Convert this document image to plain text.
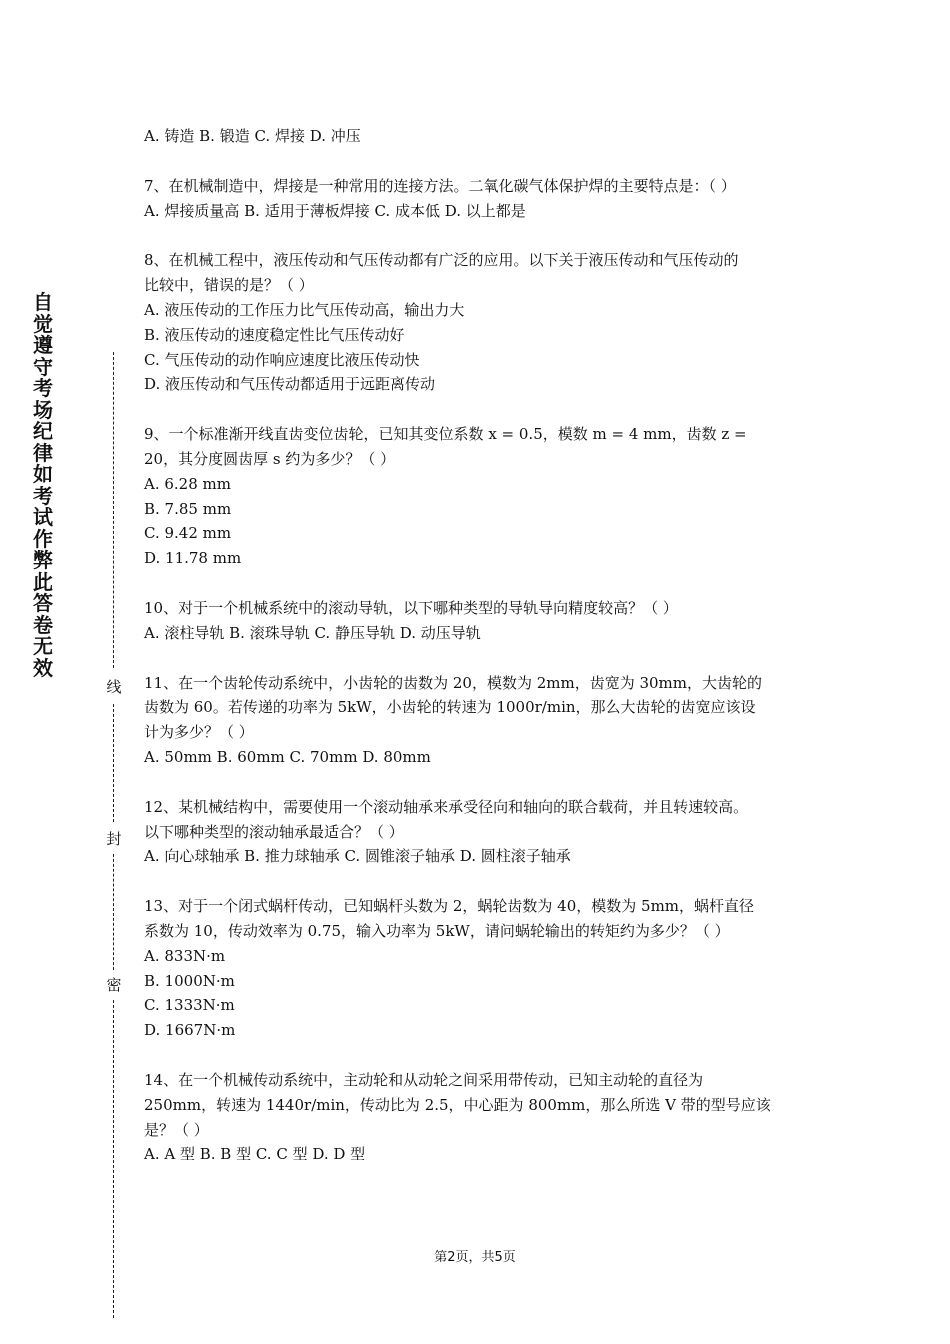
自觉遵守考场纪律如考试作弊此答卷无效
线
封
密
A. 铸造 B. 锻造 C. 焊接 D. 冲压
7、在机械制造中，焊接是一种常用的连接方法。二氧化碳气体保护焊的主要特点是：（ ）
A. 焊接质量高 B. 适用于薄板焊接 C. 成本低 D. 以上都是
8、在机械工程中，液压传动和气压传动都有广泛的应用。以下关于液压传动和气压传动的
比较中，错误的是？（ ）
A. 液压传动的工作压力比气压传动高，输出力大
B. 液压传动的速度稳定性比气压传动好
C. 气压传动的动作响应速度比液压传动快
D. 液压传动和气压传动都适用于远距离传动
9、一个标准渐开线直齿变位齿轮，已知其变位系数 x = 0.5，模数 m = 4 mm，齿数 z =
20，其分度圆齿厚 s 约为多少？（ ）
A. 6.28 mm
B. 7.85 mm
C. 9.42 mm
D. 11.78 mm
10、对于一个机械系统中的滚动导轨，以下哪种类型的导轨导向精度较高？（ ）
A. 滚柱导轨 B. 滚珠导轨 C. 静压导轨 D. 动压导轨
11、在一个齿轮传动系统中，小齿轮的齿数为 20，模数为 2mm，齿宽为 30mm，大齿轮的
齿数为 60。若传递的功率为 5kW，小齿轮的转速为 1000r/min，那么大齿轮的齿宽应该设
计为多少？（ ）
A. 50mm B. 60mm C. 70mm D. 80mm
12、某机械结构中，需要使用一个滚动轴承来承受径向和轴向的联合载荷，并且转速较高。
以下哪种类型的滚动轴承最适合？（ ）
A. 向心球轴承 B. 推力球轴承 C. 圆锥滚子轴承 D. 圆柱滚子轴承
13、对于一个闭式蜗杆传动，已知蜗杆头数为 2，蜗轮齿数为 40，模数为 5mm，蜗杆直径
系数为 10，传动效率为 0.75，输入功率为 5kW，请问蜗轮输出的转矩约为多少？（ ）
A. 833N·m
B. 1000N·m
C. 1333N·m
D. 1667N·m
14、在一个机械传动系统中，主动轮和从动轮之间采用带传动，已知主动轮的直径为
250mm，转速为 1440r/min，传动比为 2.5，中心距为 800mm，那么所选 V 带的型号应该
是？（ ）
A. A 型 B. B 型 C. C 型 D. D 型
第2页，共5页
